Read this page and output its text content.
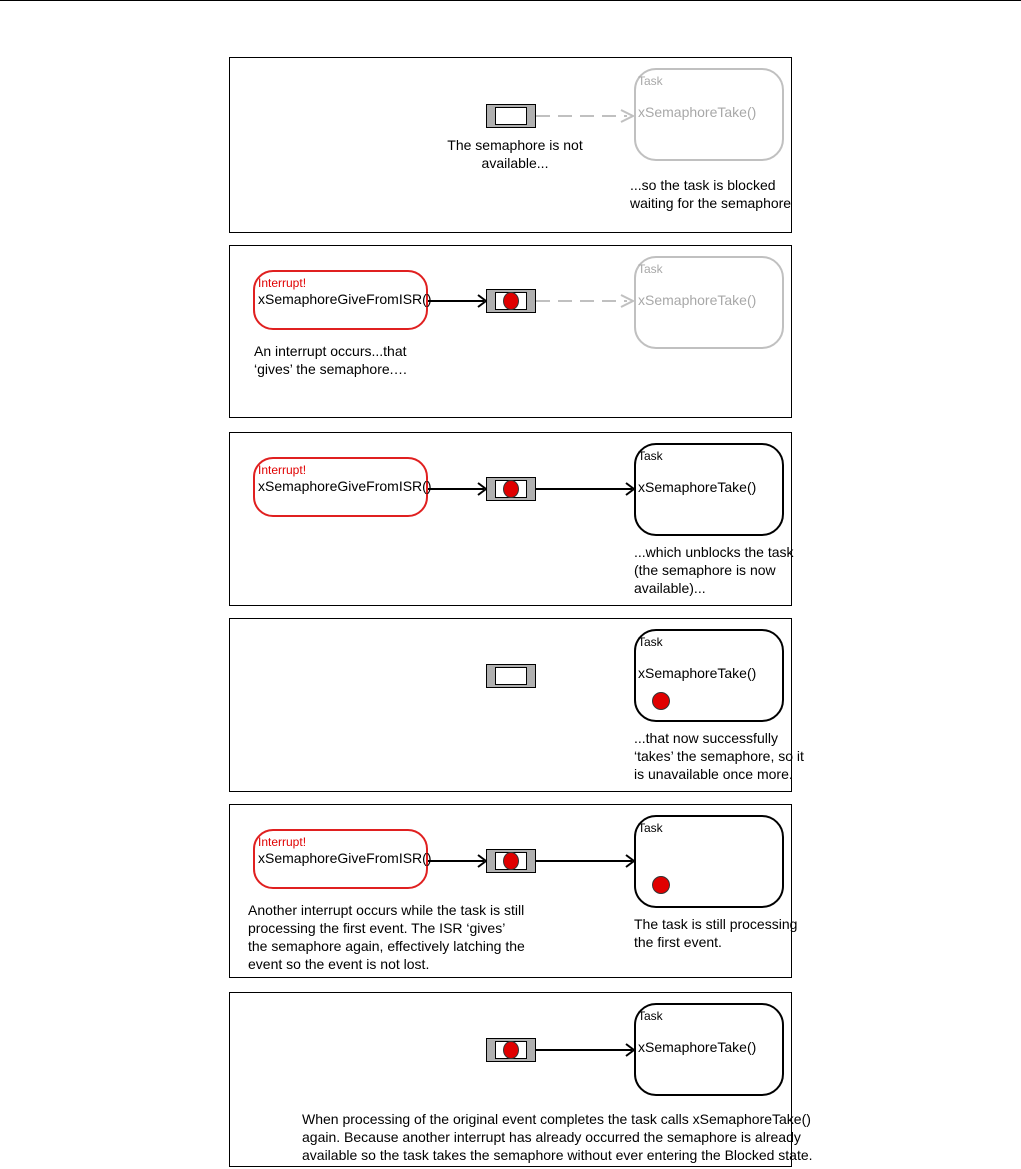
The semaphore is not
available...
Task
xSemaphoreTake()
...so the task is blocked
waiting for the semaphore
Interrupt!
xSemaphoreGiveFromISR()
Task
xSemaphoreTake()
An interrupt occurs...that
‘gives’ the semaphore.…
Interrupt!
xSemaphoreGiveFromISR()
Task
xSemaphoreTake()
...which unblocks the task
(the semaphore is now
available)...
Task
xSemaphoreTake()
...that now successfully
‘takes’ the semaphore, so it
is unavailable once more.
Interrupt!
xSemaphoreGiveFromISR()
Task
Another interrupt occurs while the task is still
processing the first event. The ISR ‘gives’
the semaphore again, effectively latching the
event so the event is not lost.
The task is still processing
the first event.
Task
xSemaphoreTake()
When processing of the original event completes the task calls xSemaphoreTake()
again. Because another interrupt has already occurred the semaphore is already
available so the task takes the semaphore without ever entering the Blocked state.
